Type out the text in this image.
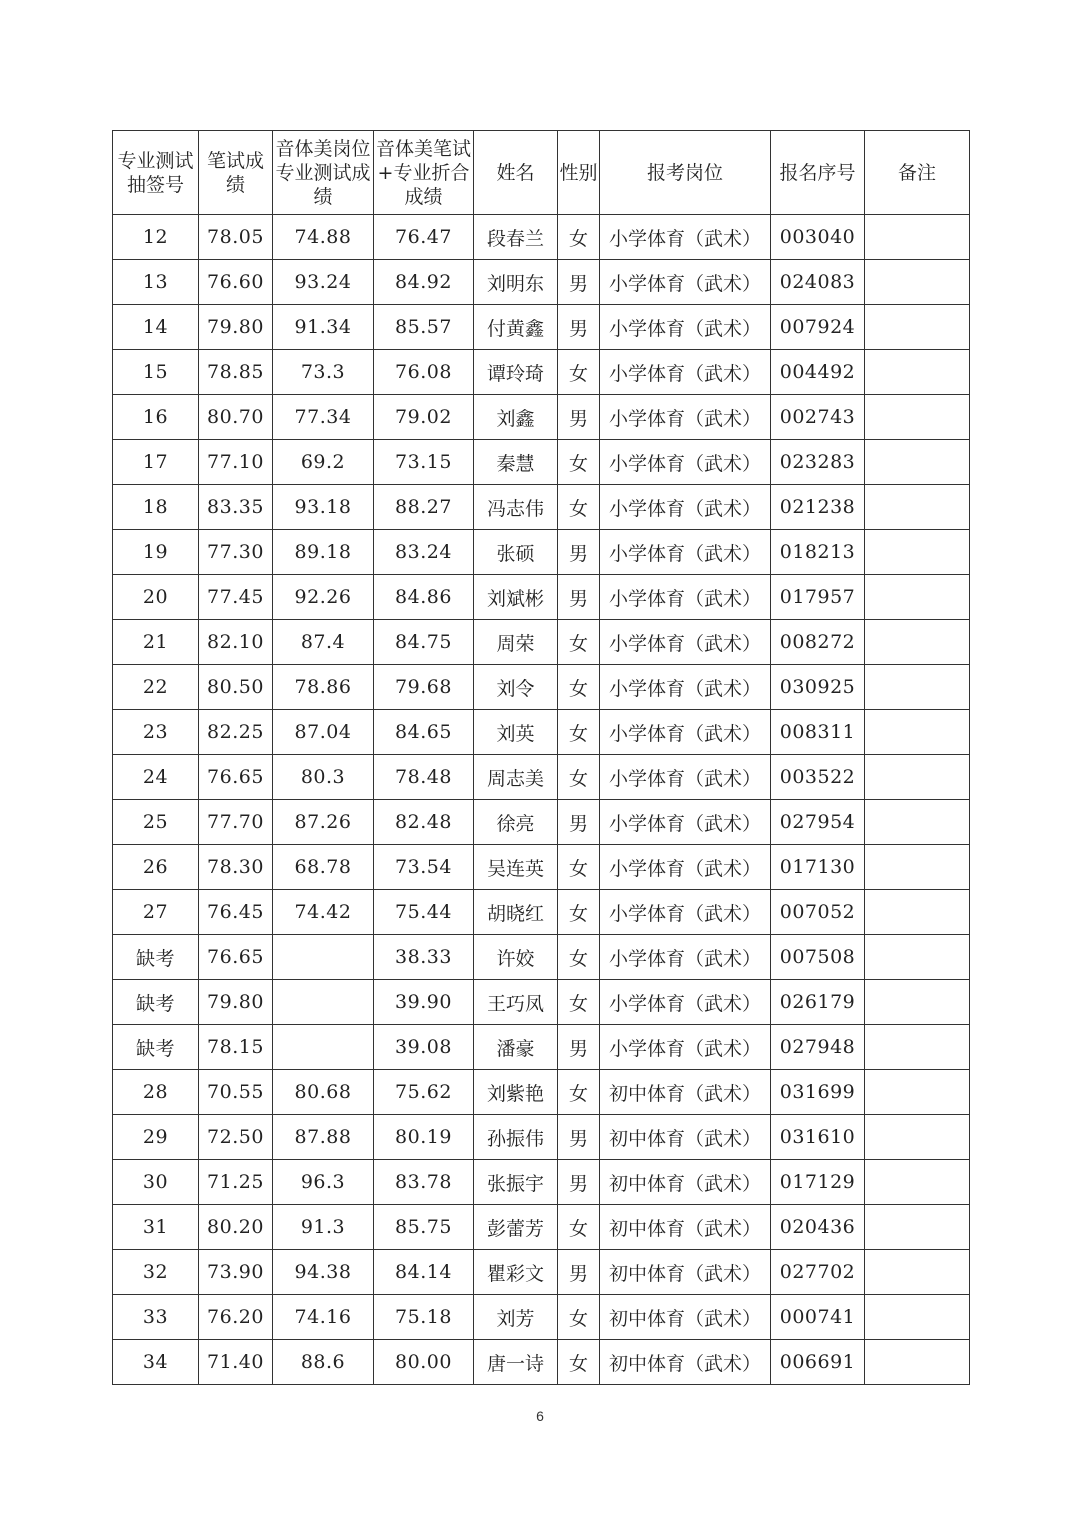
专业测试抽签号	笔试成绩	音体美岗位专业测试成绩	音体美笔试+专业折合成绩	姓名	性别	报考岗位	报名序号	备注
12	78.05	74.88	76.47	段春兰	女	小学体育（武术）	003040	
13	76.60	93.24	84.92	刘明东	男	小学体育（武术）	024083	
14	79.80	91.34	85.57	付黄鑫	男	小学体育（武术）	007924	
15	78.85	73.3	76.08	谭玲琦	女	小学体育（武术）	004492	
16	80.70	77.34	79.02	刘鑫	男	小学体育（武术）	002743	
17	77.10	69.2	73.15	秦慧	女	小学体育（武术）	023283	
18	83.35	93.18	88.27	冯志伟	女	小学体育（武术）	021238	
19	77.30	89.18	83.24	张硕	男	小学体育（武术）	018213	
20	77.45	92.26	84.86	刘斌彬	男	小学体育（武术）	017957	
21	82.10	87.4	84.75	周荣	女	小学体育（武术）	008272	
22	80.50	78.86	79.68	刘令	女	小学体育（武术）	030925	
23	82.25	87.04	84.65	刘英	女	小学体育（武术）	008311	
24	76.65	80.3	78.48	周志美	女	小学体育（武术）	003522	
25	77.70	87.26	82.48	徐亮	男	小学体育（武术）	027954	
26	78.30	68.78	73.54	吴连英	女	小学体育（武术）	017130	
27	76.45	74.42	75.44	胡晓红	女	小学体育（武术）	007052	
缺考	76.65		38.33	许姣	女	小学体育（武术）	007508	
缺考	79.80		39.90	王巧凤	女	小学体育（武术）	026179	
缺考	78.15		39.08	潘豪	男	小学体育（武术）	027948	
28	70.55	80.68	75.62	刘紫艳	女	初中体育（武术）	031699	
29	72.50	87.88	80.19	孙振伟	男	初中体育（武术）	031610	
30	71.25	96.3	83.78	张振宇	男	初中体育（武术）	017129	
31	80.20	91.3	85.75	彭蕾芳	女	初中体育（武术）	020436	
32	73.90	94.38	84.14	瞿彩文	男	初中体育（武术）	027702	
33	76.20	74.16	75.18	刘芳	女	初中体育（武术）	000741	
34	71.40	88.6	80.00	唐一诗	女	初中体育（武术）	006691	
6
